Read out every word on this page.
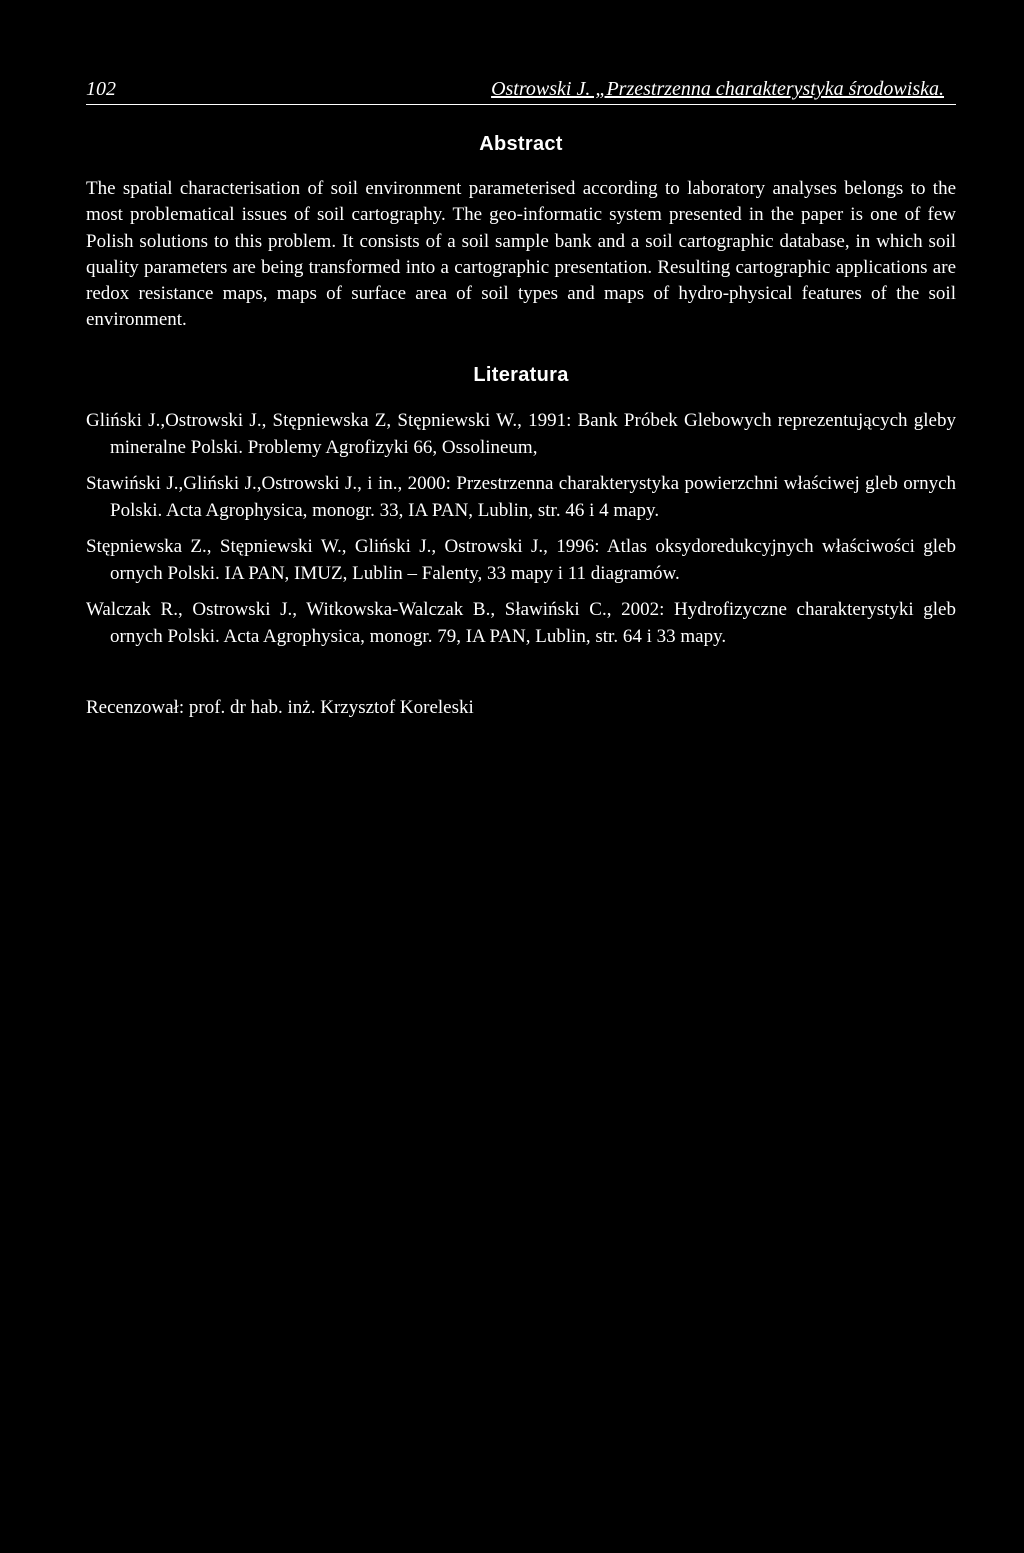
102	Ostrowski J. „Przestrzenna charakterystyka środowiska.
Abstract

The spatial characterisation of soil environment parameterised according to laboratory analyses belongs to the most problematical issues of soil cartography. The geo-informatic system presented in the paper is one of few Polish solutions to this problem. It consists of a soil sample bank and a soil cartographic database, in which soil quality parameters are being transformed into a cartographic presentation. Resulting cartographic applications are redox resistance maps, maps of surface area of soil types and maps of hydro-physical features of the soil environment.

Literatura

Gliński J.,Ostrowski J., Stępniewska Z, Stępniewski W., 1991: Bank Próbek Glebowych reprezentujących gleby mineralne Polski. Problemy Agrofizyki 66, Ossolineum,

Stawiński J.,Gliński J.,Ostrowski J., i in., 2000: Przestrzenna charakterystyka powierzchni właściwej gleb ornych Polski. Acta Agrophysica, monogr. 33, IA PAN, Lublin, str. 46 i 4 mapy.

Stępniewska Z., Stępniewski W., Gliński J., Ostrowski J., 1996: Atlas oksydoredukcyjnych właściwości gleb ornych Polski. IA PAN, IMUZ, Lublin – Falenty, 33 mapy i 11 diagramów.

Walczak R., Ostrowski J., Witkowska-Walczak B., Sławiński C., 2002: Hydrofizyczne charakterystyki gleb ornych Polski. Acta Agrophysica, monogr. 79, IA PAN, Lublin, str. 64 i 33 mapy.

Recenzował: prof. dr hab. inż. Krzysztof Koreleski
